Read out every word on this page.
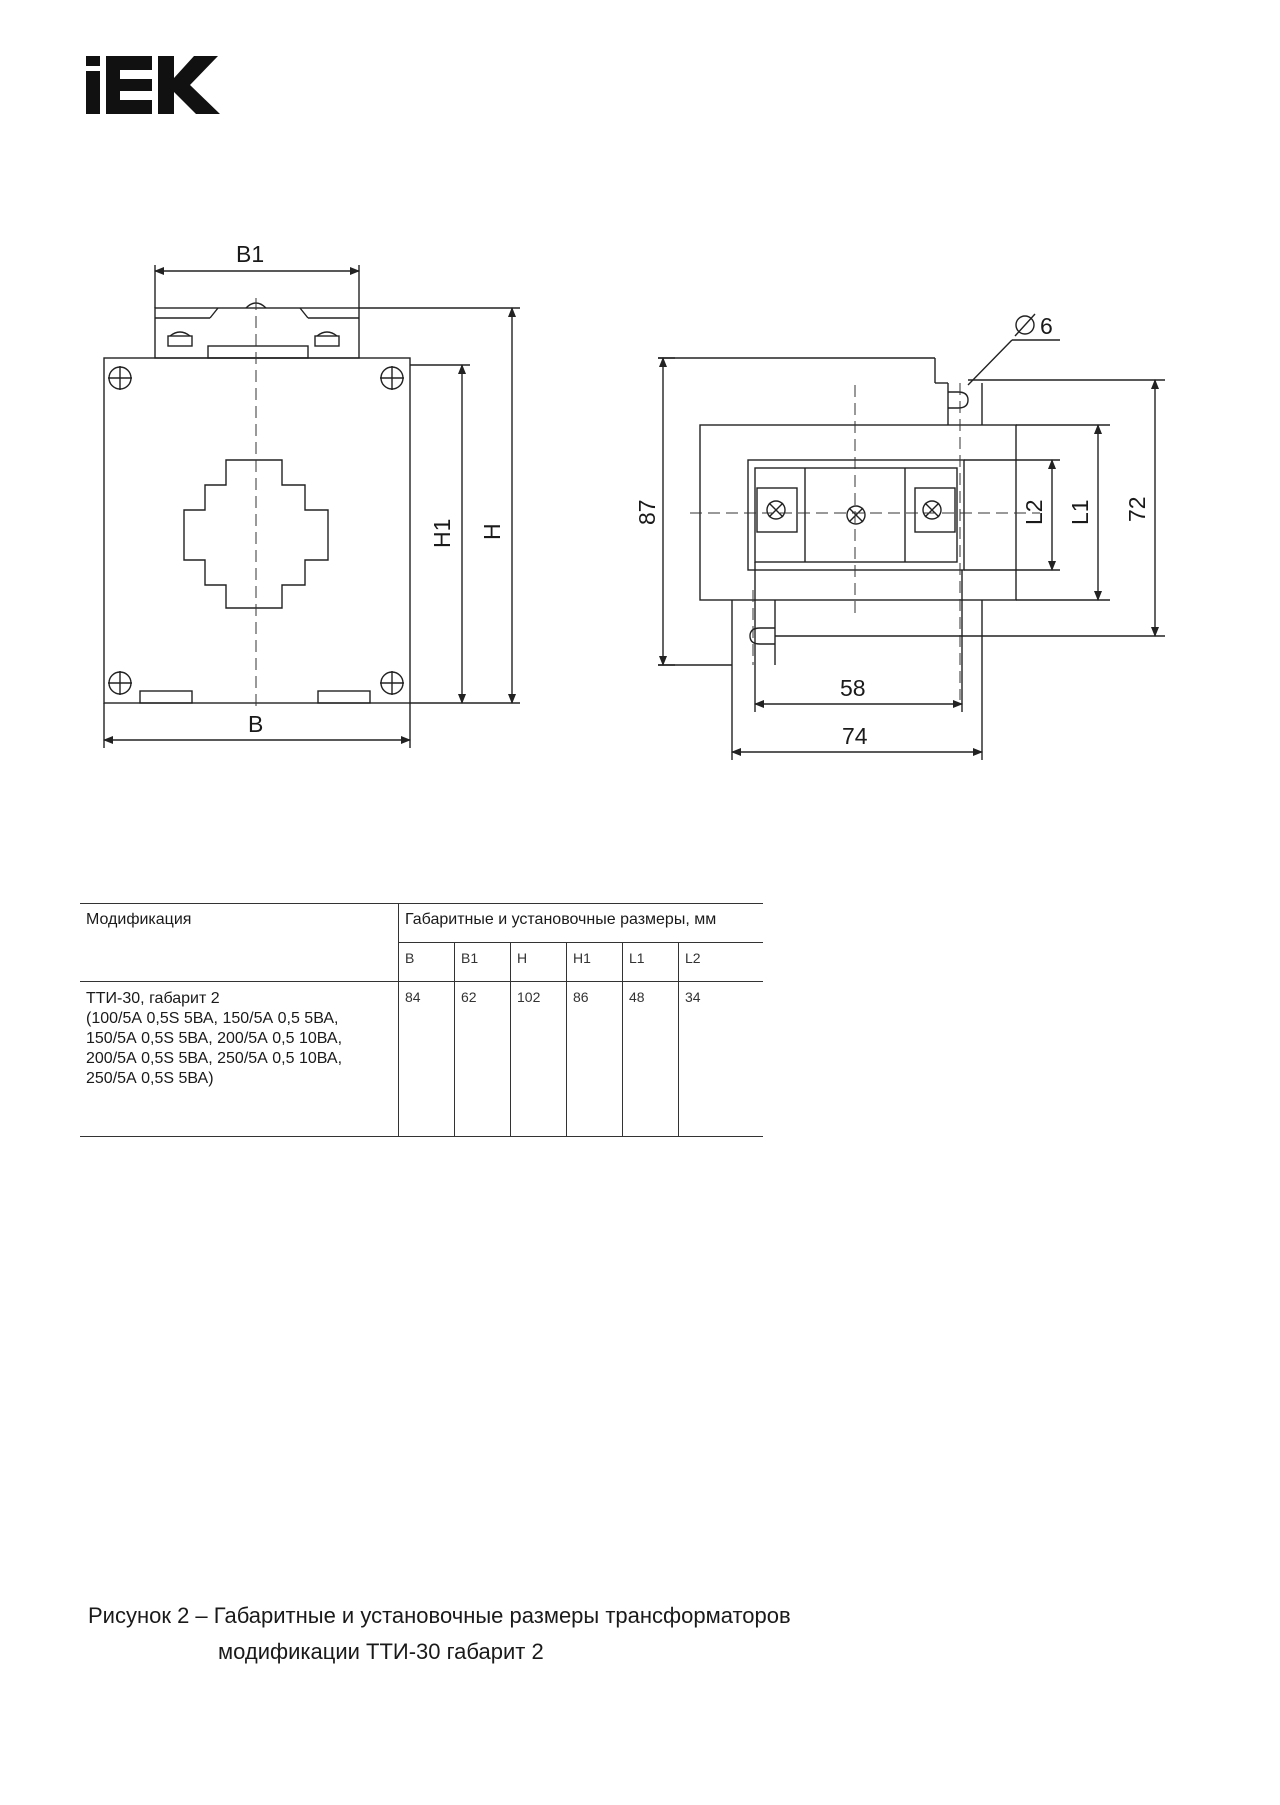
B1
B
H1 H
87	72
L1
L2
58
74
6
Модификация	Габаритные и установочные размеры, мм					
	B	B1	H	H1	L1	L2
ТТИ-30, габарит 2
(100/5А 0,5S 5ВА, 150/5А 0,5 5ВА,
150/5А 0,5S 5ВА, 200/5А 0,5 10ВА,
200/5А 0,5S 5ВА, 250/5А 0,5 10ВА,
250/5А 0,5S 5ВА)	84	62	102	86	48	34
Рисунок 2 – Габаритные и установочные размеры трансформаторов
модификации ТТИ-30 габарит 2
